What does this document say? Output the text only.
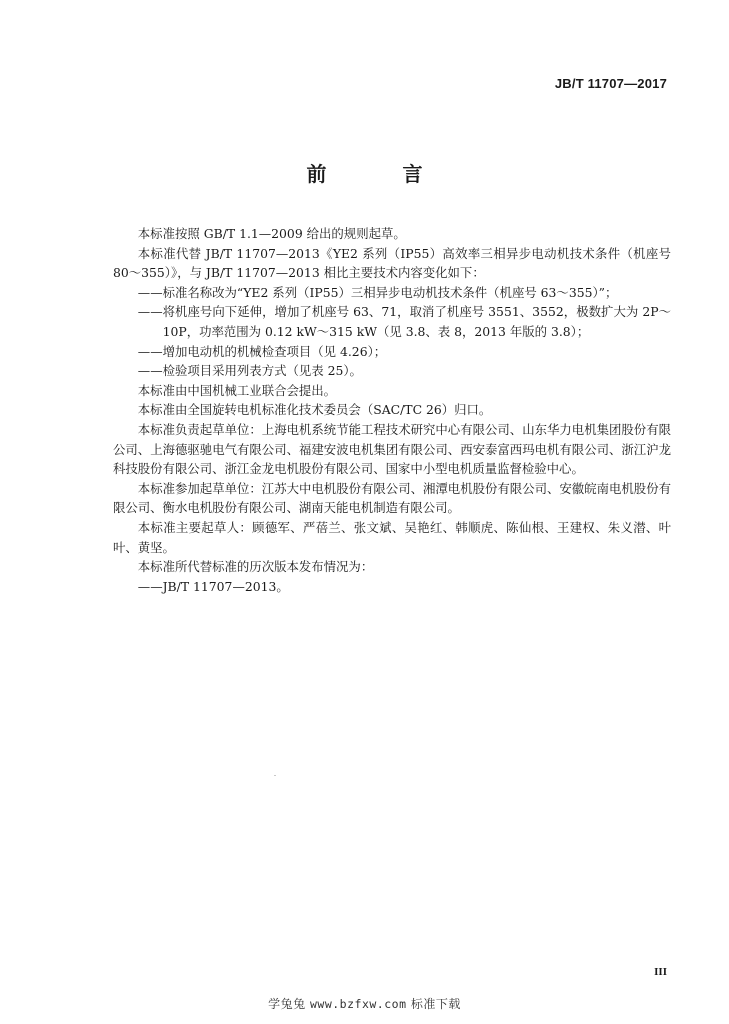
JB/T 11707—2017
前　言

本标准按照 GB/T 1.1—2009 给出的规则起草。

本标准代替 JB/T 11707—2013《YE2 系列（IP55）高效率三相异步电动机技术条件（机座号 80～355）》，与 JB/T 11707—2013 相比主要技术内容变化如下：

——标准名称改为“YE2 系列（IP55）三相异步电动机技术条件（机座号 63～355）”；

——将机座号向下延伸，增加了机座号 63、71，取消了机座号 3551、3552，极数扩大为 2P～10P，功率范围为 0.12 kW～315 kW（见 3.8、表 8，2013 年版的 3.8）；

——增加电动机的机械检查项目（见 4.26）；

——检验项目采用列表方式（见表 25）。

本标准由中国机械工业联合会提出。

本标准由全国旋转电机标准化技术委员会（SAC/TC 26）归口。

本标准负责起草单位：上海电机系统节能工程技术研究中心有限公司、山东华力电机集团股份有限公司、上海德驱驰电气有限公司、福建安波电机集团有限公司、西安泰富西玛电机有限公司、浙江沪龙科技股份有限公司、浙江金龙电机股份有限公司、国家中小型电机质量监督检验中心。

本标准参加起草单位：江苏大中电机股份有限公司、湘潭电机股份有限公司、安徽皖南电机股份有限公司、衡水电机股份有限公司、湖南天能电机制造有限公司。

本标准主要起草人：顾德军、严蓓兰、张文斌、吴艳红、韩顺虎、陈仙根、王建权、朱义潜、叶叶、黄坚。

本标准所代替标准的历次版本发布情况为：

——JB/T 11707—2013。

III
学兔兔 www.bzfxw.com 标准下载
